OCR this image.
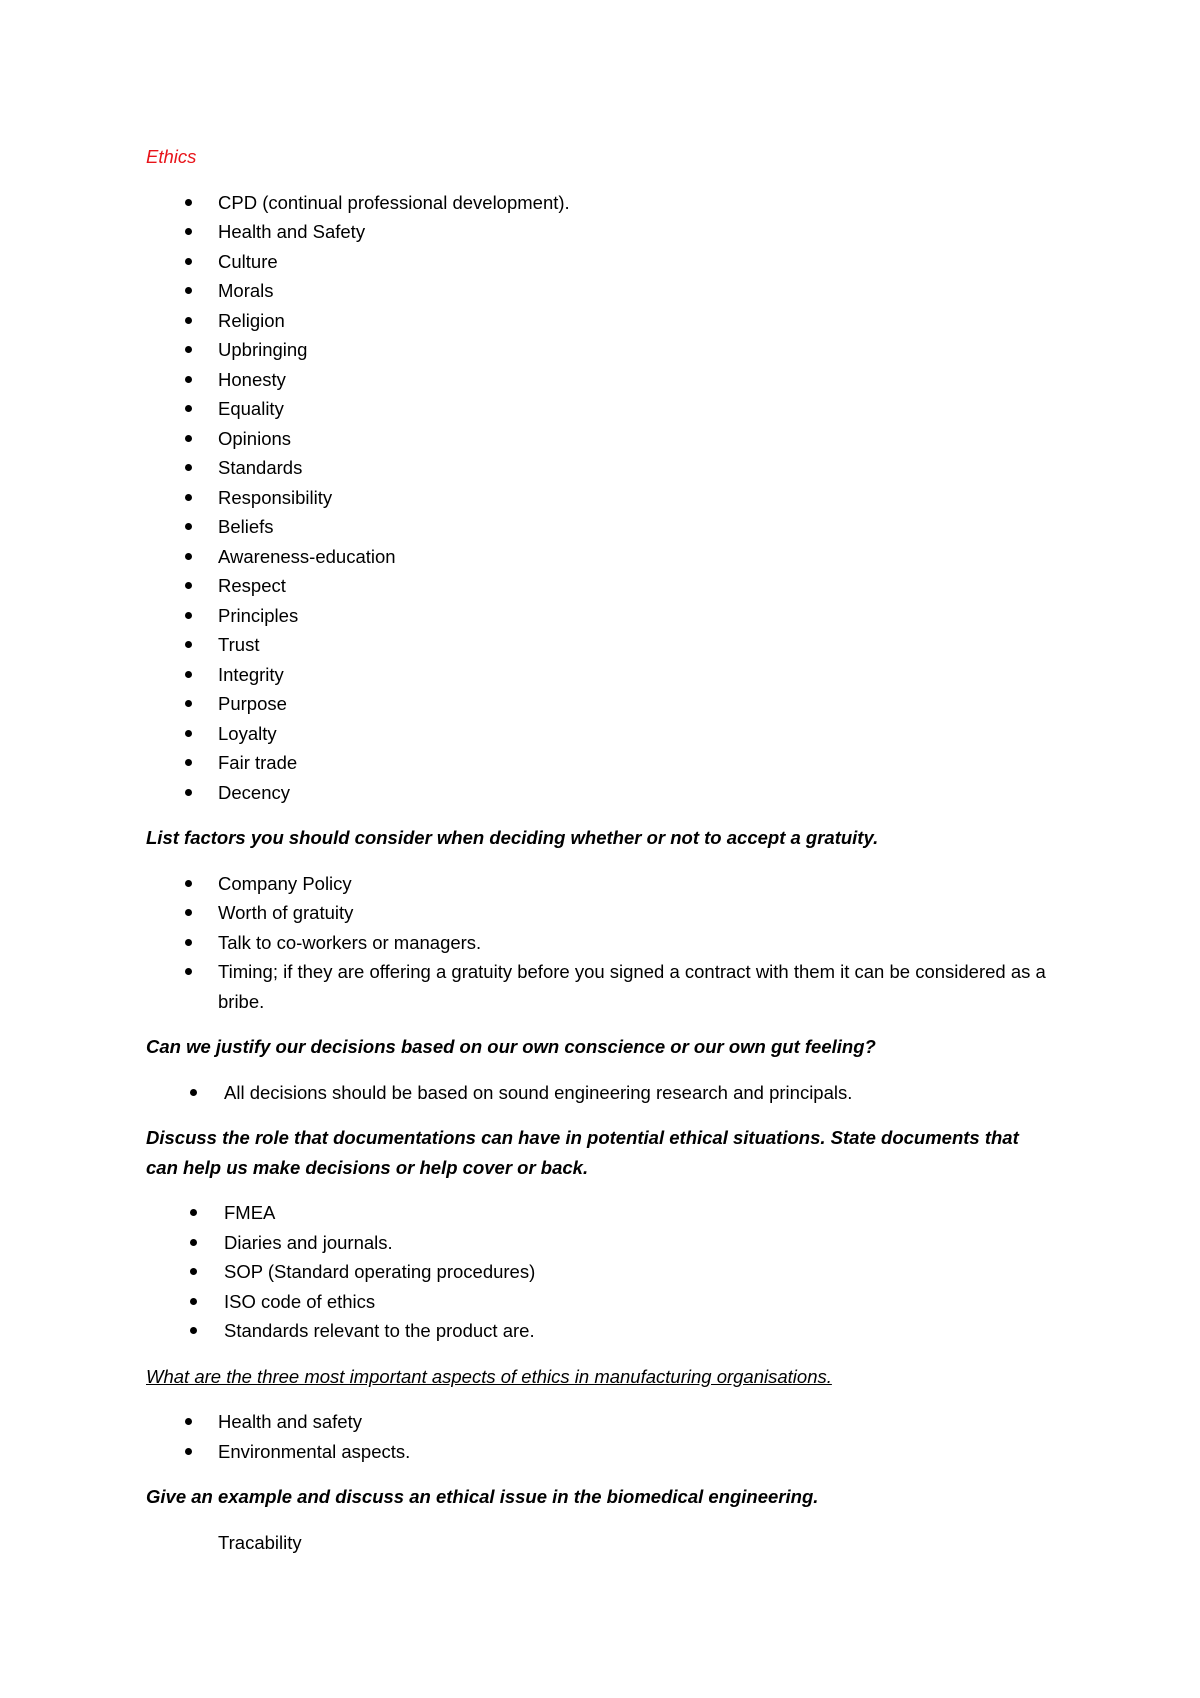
Ethics

CPD (continual professional development).
Health and Safety
Culture
Morals
Religion
Upbringing
Honesty
Equality
Opinions
Standards
Responsibility
Beliefs
Awareness-education
Respect
Principles
Trust
Integrity
Purpose
Loyalty
Fair trade
Decency

List factors you should consider when deciding whether or not to accept a gratuity.

Company Policy
Worth of gratuity
Talk to co-workers or managers.
Timing; if they are offering a gratuity before you signed a contract with them it can be considered as a bribe.

Can we justify our decisions based on our own conscience or our own gut feeling?

All decisions should be based on sound engineering research and principals.

Discuss the role that documentations can have in potential ethical situations. State documents that can help us make decisions or help cover or back.

FMEA
Diaries and journals.
SOP (Standard operating procedures)
ISO code of ethics
Standards relevant to the product are.

What are the three most important aspects of ethics in manufacturing organisations.

Health and safety
Environmental aspects.

Give an example and discuss an ethical issue in the biomedical engineering.

Tracability
